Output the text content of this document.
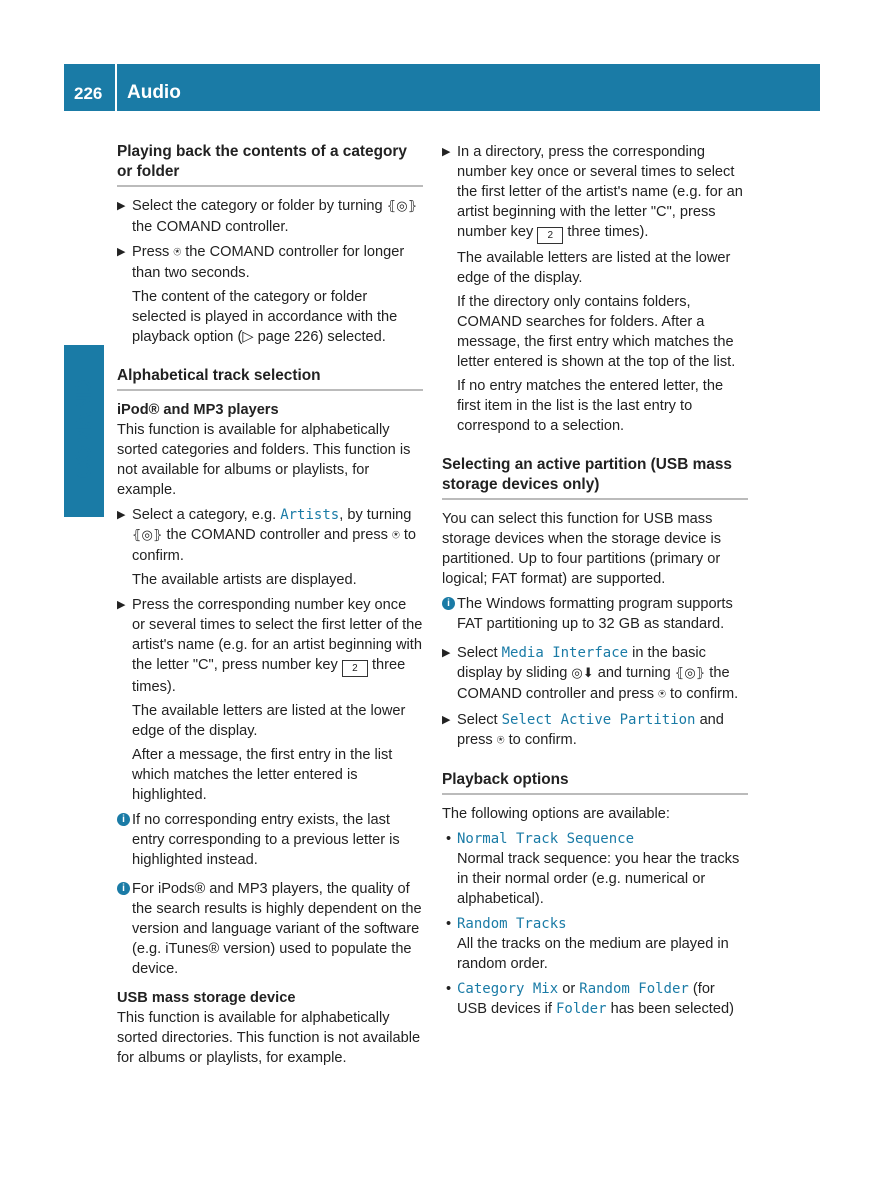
226 Audio
COMAND
Playing back the contents of a category or folder
▶ Select the category or folder by turning ⦃◎⦄ the COMAND controller.

▶ Press ⍟ the COMAND controller for longer than two seconds.

The content of the category or folder selected is played in accordance with the playback option (▷ page 226) selected.

Alphabetical track selection

iPod® and MP3 players

This function is available for alphabetically sorted categories and folders. This function is not available for albums or playlists, for example.

▶ Select a category, e.g. Artists, by turning ⦃◎⦄ the COMAND controller and press ⍟ to confirm.

The available artists are displayed.

▶ Press the corresponding number key once or several times to select the first letter of the artist's name (e.g. for an artist beginning with the letter "C", press number key 2 three times).

The available letters are listed at the lower edge of the display.

After a message, the first entry in the list which matches the letter entered is highlighted.

i If no corresponding entry exists, the last entry corresponding to a previous letter is highlighted instead.
i For iPods® and MP3 players, the quality of the search results is highly dependent on the version and language variant of the software (e.g. iTunes® version) used to populate the device.

USB mass storage device

This function is available for alphabetically sorted directories. This function is not available for albums or playlists, for example.

▶ In a directory, press the corresponding number key once or several times to select the first letter of the artist's name (e.g. for an artist beginning with the letter "C", press number key 2 three times).

The available letters are listed at the lower edge of the display.

If the directory only contains folders, COMAND searches for folders. After a message, the first entry which matches the letter entered is shown at the top of the list.

If no entry matches the entered letter, the first item in the list is the last entry to correspond to a selection.

Selecting an active partition (USB mass storage devices only)

You can select this function for USB mass storage devices when the storage device is partitioned. Up to four partitions (primary or logical; FAT format) are supported.

i The Windows formatting program supports FAT partitioning up to 32 GB as standard.
▶ Select Media Interface in the basic display by sliding ◎⬇ and turning ⦃◎⦄ the COMAND controller and press ⍟ to confirm.

▶ Select Select Active Partition and press ⍟ to confirm.

Playback options

The following options are available:

• Normal Track Sequence

Normal track sequence: you hear the tracks in their normal order (e.g. numerical or alphabetical).

• Random Tracks

All the tracks on the medium are played in random order.

• Category Mix or Random Folder (for USB devices if Folder has been selected)
